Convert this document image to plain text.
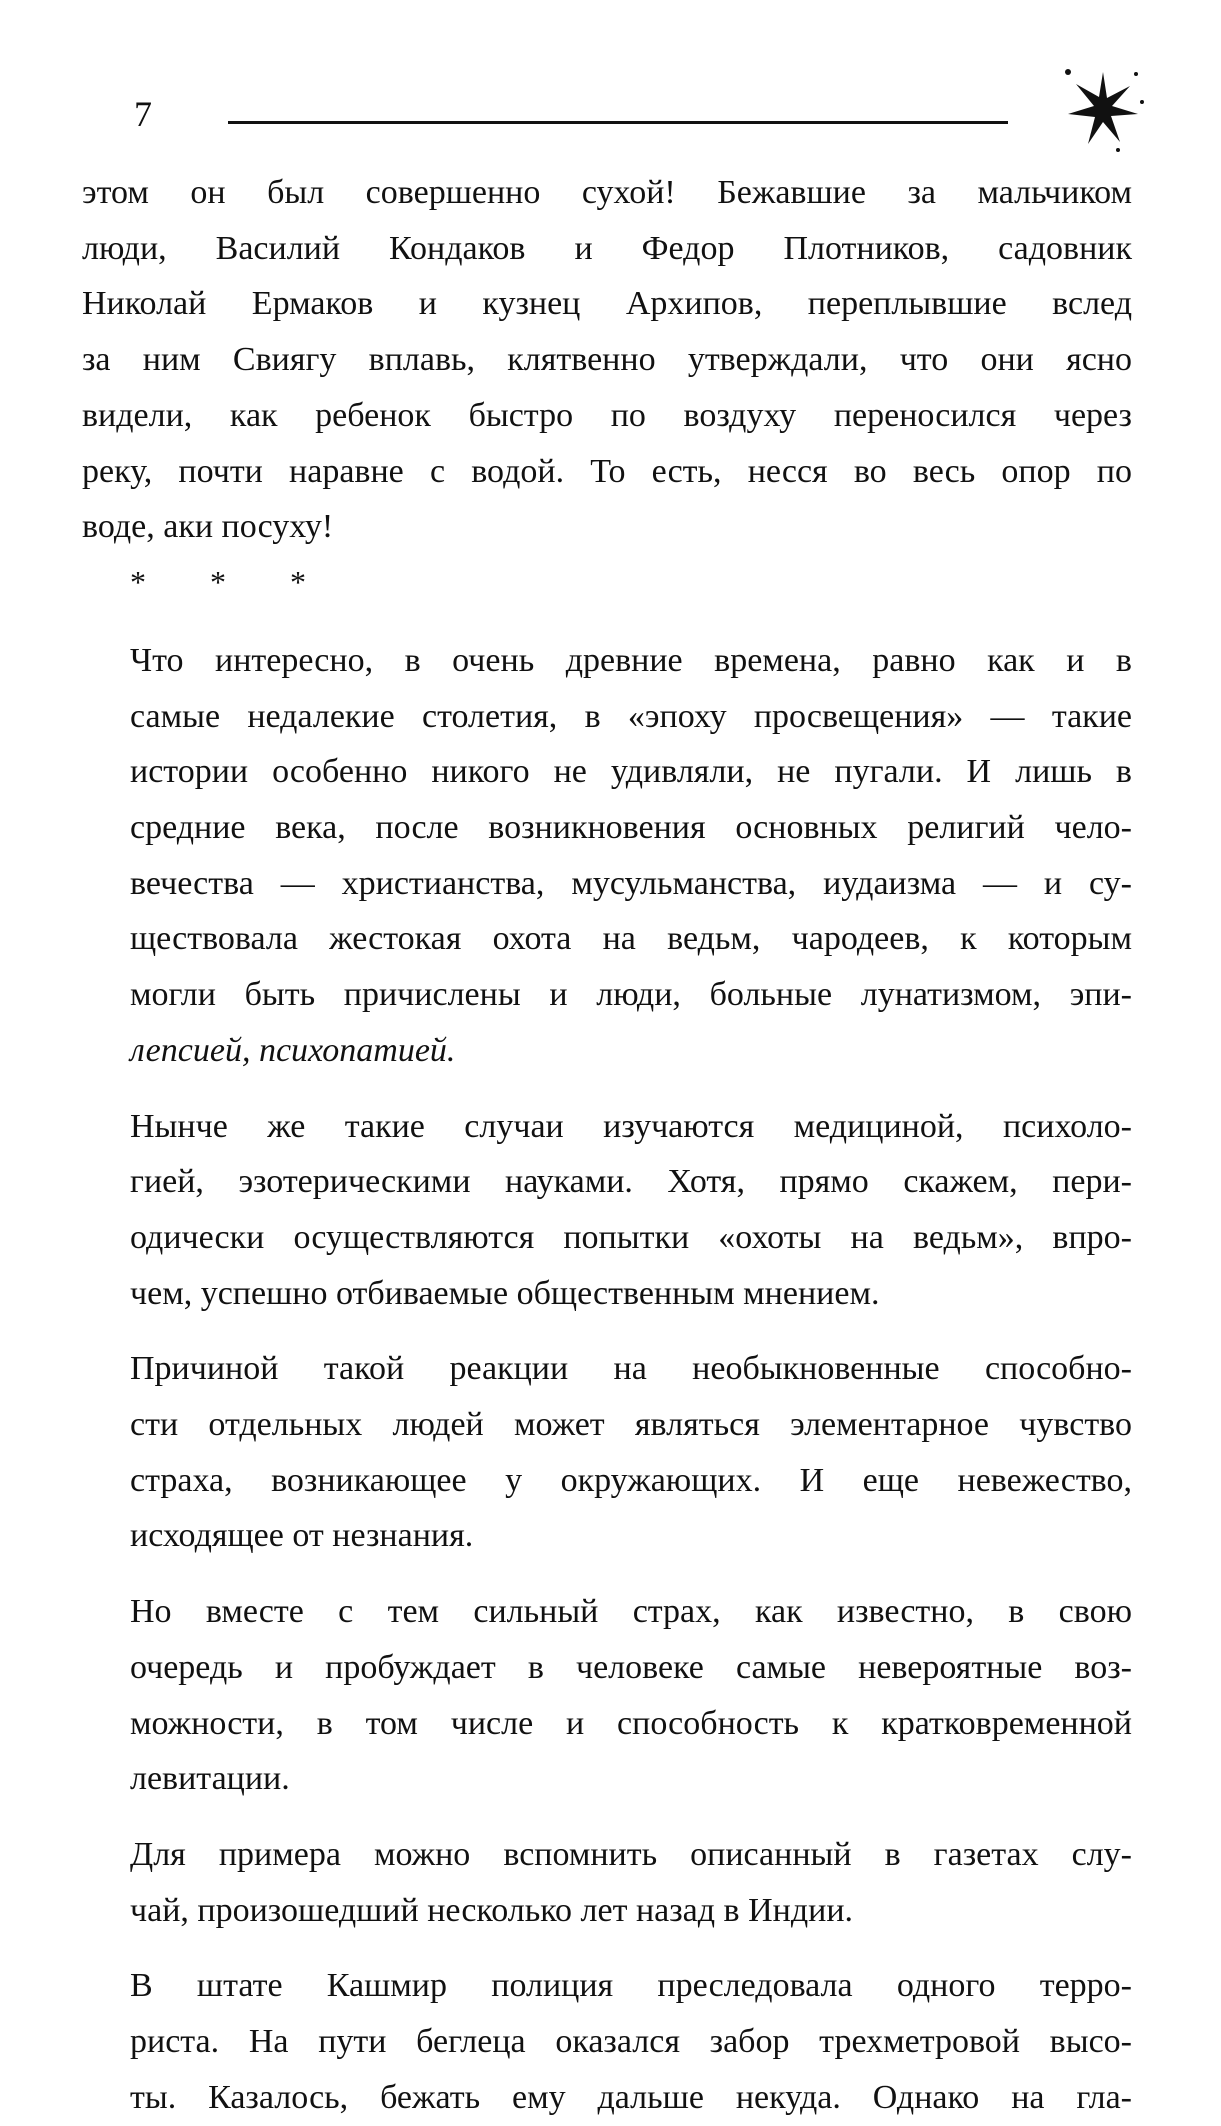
7

этом он был совершенно сухой! Бежавшие за мальчиком
люди, Василий Кондаков и Федор Плотников, садовник
Николай Ермаков и кузнец Архипов, переплывшие вслед
за ним Свиягу вплавь, клятвенно утверждали, что они ясно
видели, как ребенок быстро по воздуху переносился через
реку, почти наравне с водой. То есть, несся во весь опор по
воде, аки посуху!

* * *

Что интересно, в очень древние времена, равно как и в
самые недалекие столетия, в «эпоху просвещения» — такие
истории особенно никого не удивляли, не пугали. И лишь в
средние века, после возникновения основных религий чело-
вечества — христианства, мусульманства, иудаизма — и су-
ществовала жестокая охота на ведьм, чародеев, к которым
могли быть причислены и люди, больные лунатизмом, эпи-
лепсией, психопатией.

Нынче же такие случаи изучаются медициной, психоло-
гией, эзотерическими науками. Хотя, прямо скажем, пери-
одически осуществляются попытки «охоты на ведьм», впро-
чем, успешно отбиваемые общественным мнением.

Причиной такой реакции на необыкновенные способно-
сти отдельных людей может являться элементарное чувство
страха, возникающее у окружающих. И еще невежество,
исходящее от незнания.

Но вместе с тем сильный страх, как известно, в свою
очередь и пробуждает в человеке самые невероятные воз-
можности, в том числе и способность к кратковременной
левитации.

Для примера можно вспомнить описанный в газетах слу-
чай, произошедший несколько лет назад в Индии.

В штате Кашмир полиция преследовала одного терро-
риста. На пути беглеца оказался забор трехметровой высо-
ты. Казалось, бежать ему дальше некуда. Однако на гла-
